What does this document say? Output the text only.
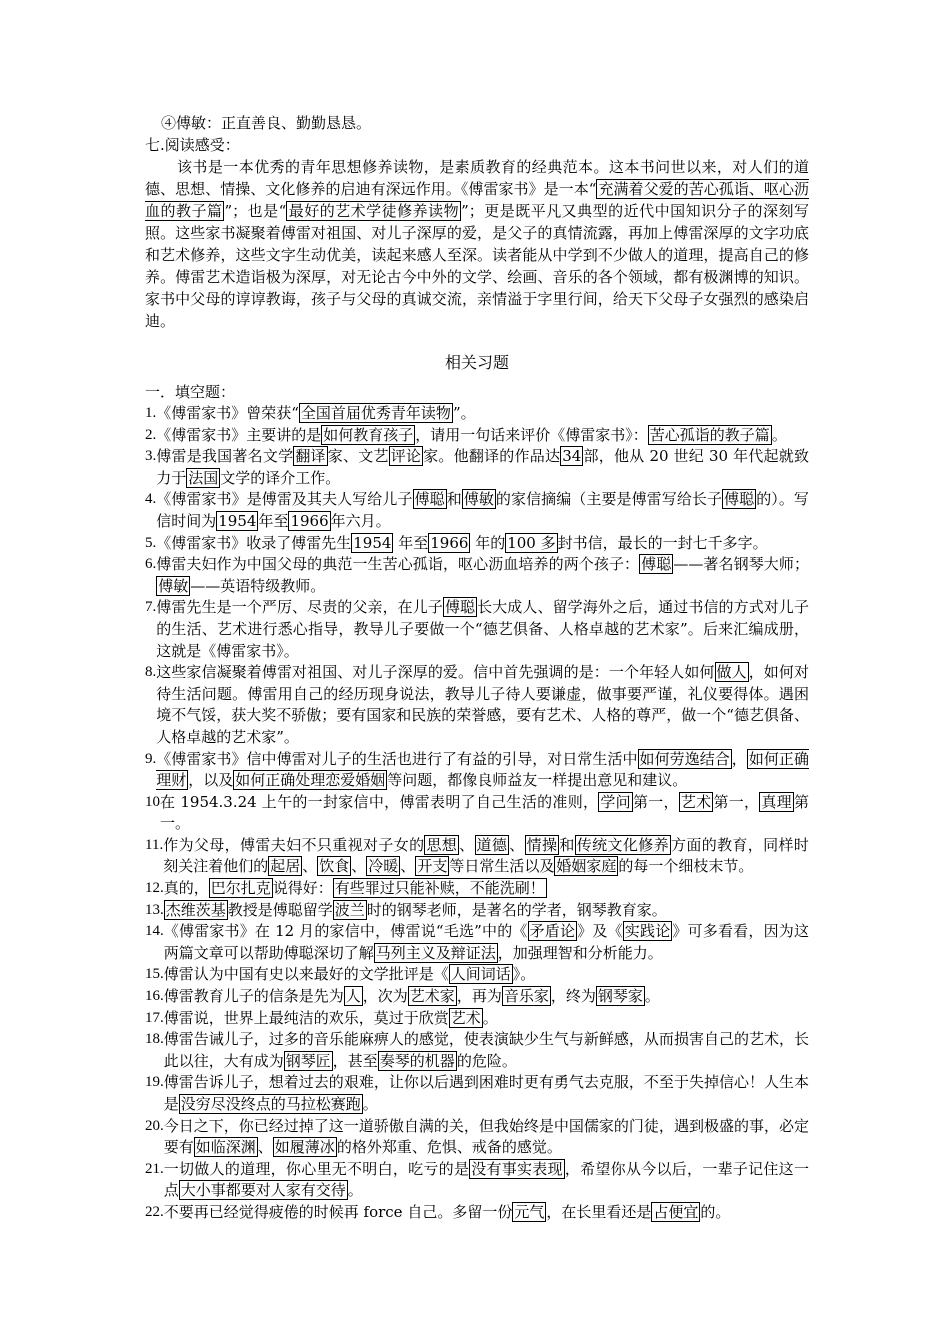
④傅敏：正直善良、勤勤恳恳。
七.阅读感受：

该书是一本优秀的青年思想修养读物，是素质教育的经典范本。这本书问世以来，对人们的道德、思想、情操、文化修养的启迪有深远作用。《傅雷家书》是一本“ 充满着父爱的苦心孤诣、呕心沥血的教子篇 ”；也是“ 最好的艺术学徒修养读物 ”；更是既平凡又典型的近代中国知识分子的深刻写照。这些家书凝聚着傅雷对祖国、对儿子深厚的爱，是父子的真情流露，再加上傅雷深厚的文字功底和艺术修养，这些文字生动优美，读起来感人至深。读者能从中学到不少做人的道理，提高自己的修养。傅雷艺术造诣极为深厚，对无论古今中外的文学、绘画、音乐的各个领域，都有极渊博的知识。家书中父母的谆谆教诲，孩子与父母的真诚交流，亲情溢于字里行间，给天下父母子女强烈的感染启迪。

相关习题
一．填空题：
1. 《傅雷家书》曾荣获“ 全国首届优秀青年读物 ”。
2. 《傅雷家书》主要讲的是 如何教育孩子 ，请用一句话来评价《傅雷家书》： 苦心孤诣的教子篇 。
3. 傅雷是我国著名文学 翻译 家、文艺 评论 家。他翻译的作品达 34 部，他从 20 世纪 30 年代起就致力于 法国 文学的译介工作。
4. 《傅雷家书》是傅雷及其夫人写给儿子 傅聪 和 傅敏 的家信摘编（主要是傅雷写给长子 傅聪 的）。写信时间为 1954 年至 1966 年六月。
5. 《傅雷家书》收录了傅雷先生 1954 年至 1966 年的 100 多 封书信，最长的一封七千多字。
6. 傅雷夫妇作为中国父母的典范一生苦心孤诣，呕心沥血培养的两个孩子： 傅聪 ——著名钢琴大师；傅敏 ——英语特级教师。
7. 傅雷先生是一个严厉、尽责的父亲，在儿子 傅聪 长大成人、留学海外之后，通过书信的方式对儿子的生活、艺术进行悉心指导，教导儿子要做一个“德艺俱备、人格卓越的艺术家”。后来汇编成册，这就是《傅雷家书》。
8. 这些家信凝聚着傅雷对祖国、对儿子深厚的爱。信中首先强调的是：一个年轻人如何 做人 ，如何对待生活问题。傅雷用自己的经历现身说法，教导儿子待人要谦虚，做事要严谨，礼仪要得体。遇困境不气馁，获大奖不骄傲；要有国家和民族的荣誉感，要有艺术、人格的尊严，做一个“德艺俱备、人格卓越的艺术家”。
9. 《傅雷家书》信中傅雷对儿子的生活也进行了有益的引导，对日常生活中 如何劳逸结合 ， 如何正确理财 ，以及 如何正确处理恋爱婚姻 等问题，都像良师益友一样提出意见和建议。
10 在 1954.3.24 上午的一封家信中，傅雷表明了自己生活的准则， 学问 第一， 艺术 第一， 真理 第一。
11. 作为父母，傅雷夫妇不只重视对子女的 思想 、 道德 、 情操 和 传统文化修养 方面的教育，同样时刻关注着他们的 起居 、 饮食 、 冷暖 、 开支 等日常生活以及 婚姻家庭 的每一个细枝末节。
12. 真的， 巴尔扎克 说得好： 有些罪过只能补赎，不能洗刷！
13. 杰维茨基 教授是傅聪留学 波兰 时的钢琴老师，是著名的学者，钢琴教育家。
14. 《傅雷家书》在 12 月的家信中，傅雷说“毛选”中的《 矛盾论 》及《 实践论 》可多看看，因为这两篇文章可以帮助傅聪深切了解 马列主义及辩证法 ，加强理智和分析能力。
15. 傅雷认为中国有史以来最好的文学批评是《 人间词话 》。
16. 傅雷教育儿子的信条是先为 人 ，次为 艺术家 ，再为 音乐家 ，终为 钢琴家 。
17. 傅雷说，世界上最纯洁的欢乐，莫过于欣赏 艺术 。
18. 傅雷告诫儿子，过多的音乐能麻痹人的感觉，使表演缺少生气与新鲜感，从而损害自己的艺术，长此以往，大有成为 钢琴匠 ，甚至 奏琴的机器 的危险。
19. 傅雷告诉儿子，想着过去的艰难，让你以后遇到困难时更有勇气去克服，不至于失掉信心！人生本是 没穷尽没终点的马拉松赛跑 。
20. 今日之下，你已经过掉了这一道骄傲自满的关，但我始终是中国儒家的门徒，遇到极盛的事，必定要有 如临深渊 、 如履薄冰 的格外郑重、危惧、戒备的感觉。
21. 一切做人的道理，你心里无不明白，吃亏的是 没有事实表现 ，希望你从今以后，一辈子记住这一点 大小事都要对人家有交待 。
22. 不要再已经觉得疲倦的时候再 force 自己。多留一份 元气 ，在长里看还是 占便宜 的。
